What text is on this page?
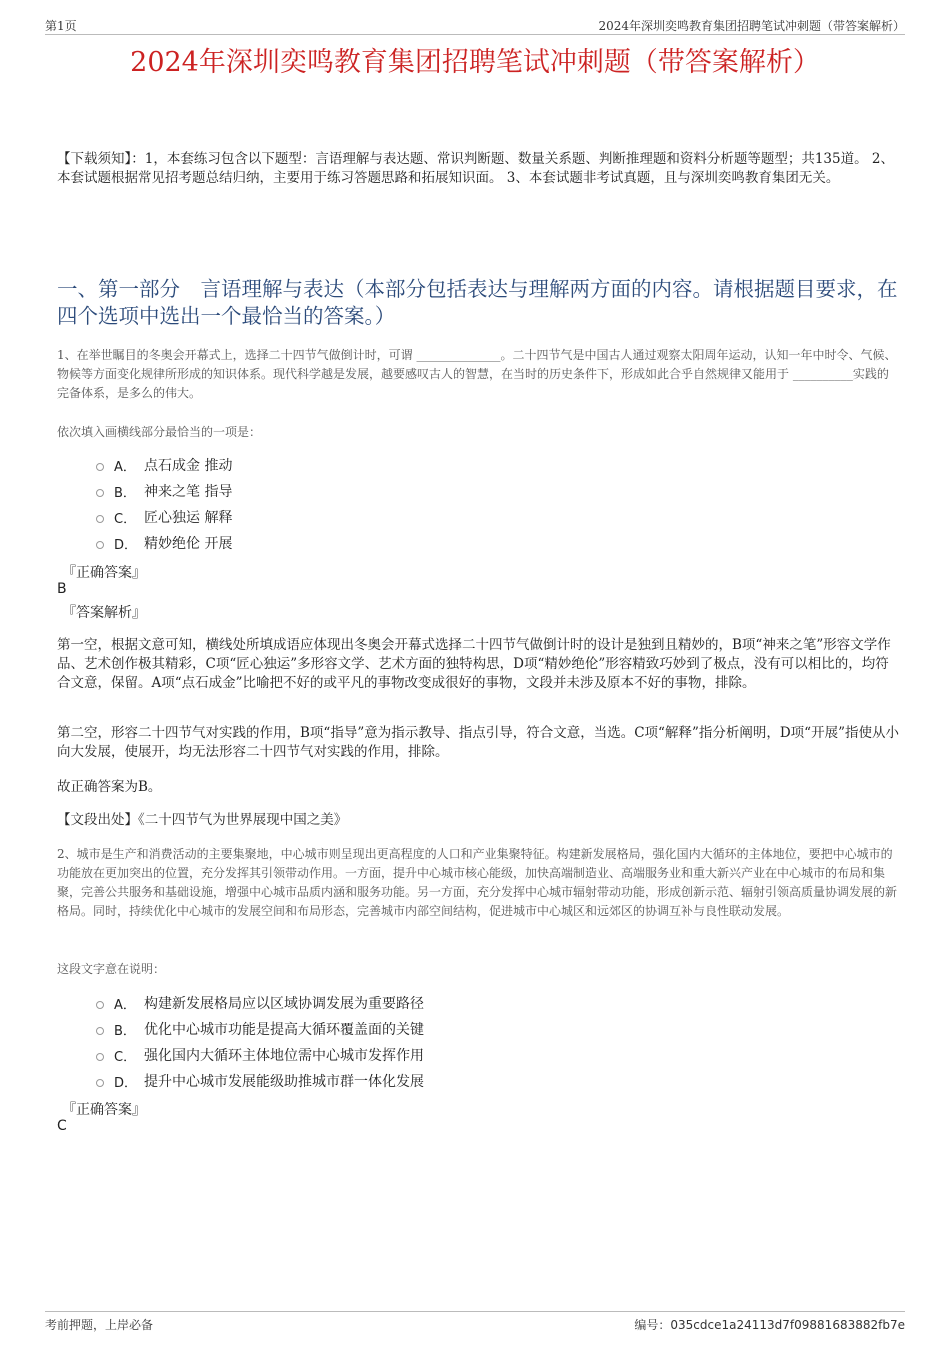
第1页	2024年深圳奕鸣教育集团招聘笔试冲刺题（带答案解析）
2024年深圳奕鸣教育集团招聘笔试冲刺题（带答案解析）
【下载须知】：1，本套练习包含以下题型：言语理解与表达题、常识判断题、数量关系题、判断推理题和资料分析题等题型；共135道。 2、本套试题根据常见招考题总结归纳，主要用于练习答题思路和拓展知识面。 3、本套试题非考试真题，且与深圳奕鸣教育集团无关。
一、第一部分　言语理解与表达（本部分包括表达与理解两方面的内容。请根据题目要求，在四个选项中选出一个最恰当的答案。）
1、在举世瞩目的冬奥会开幕式上，选择二十四节气做倒计时，可谓 ______________。二十四节气是中国古人通过观察太阳周年运动，认知一年中时令、气候、物候等方面变化规律所形成的知识体系。现代科学越是发展，越要感叹古人的智慧，在当时的历史条件下，形成如此合乎自然规律又能用于 __________实践的完备体系，是多么的伟大。
依次填入画横线部分最恰当的一项是：
A． 点石成金 推动
B． 神来之笔 指导
C． 匠心独运 解释
D． 精妙绝伦 开展
『正确答案』
B
『答案解析』
第一空，根据文意可知，横线处所填成语应体现出冬奥会开幕式选择二十四节气做倒计时的设计是独到且精妙的，B项“神来之笔”形容文学作品、艺术创作极其精彩，C项“匠心独运”多形容文学、艺术方面的独特构思，D项“精妙绝伦”形容精致巧妙到了极点，没有可以相比的，均符合文意，保留。A项“点石成金”比喻把不好的或平凡的事物改变成很好的事物，文段并未涉及原本不好的事物，排除。
第二空，形容二十四节气对实践的作用，B项“指导”意为指示教导、指点引导，符合文意，当选。C项“解释”指分析阐明，D项“开展”指使从小向大发展，使展开，均无法形容二十四节气对实践的作用，排除。
故正确答案为B。
【文段出处】《二十四节气为世界展现中国之美》
2、城市是生产和消费活动的主要集聚地，中心城市则呈现出更高程度的人口和产业集聚特征。构建新发展格局，强化国内大循环的主体地位，要把中心城市的功能放在更加突出的位置，充分发挥其引领带动作用。一方面，提升中心城市核心能级，加快高端制造业、高端服务业和重大新兴产业在中心城市的布局和集聚，完善公共服务和基础设施，增强中心城市品质内涵和服务功能。另一方面，充分发挥中心城市辐射带动功能，形成创新示范、辐射引领高质量协调发展的新格局。同时，持续优化中心城市的发展空间和布局形态，完善城市内部空间结构，促进城市中心城区和远郊区的协调互补与良性联动发展。
这段文字意在说明：
A． 构建新发展格局应以区域协调发展为重要路径
B． 优化中心城市功能是提高大循环覆盖面的关键
C． 强化国内大循环主体地位需中心城市发挥作用
D． 提升中心城市发展能级助推城市群一体化发展
『正确答案』
C
考前押题，上岸必备	编号：035cdce1a24113d7f09881683882fb7e
